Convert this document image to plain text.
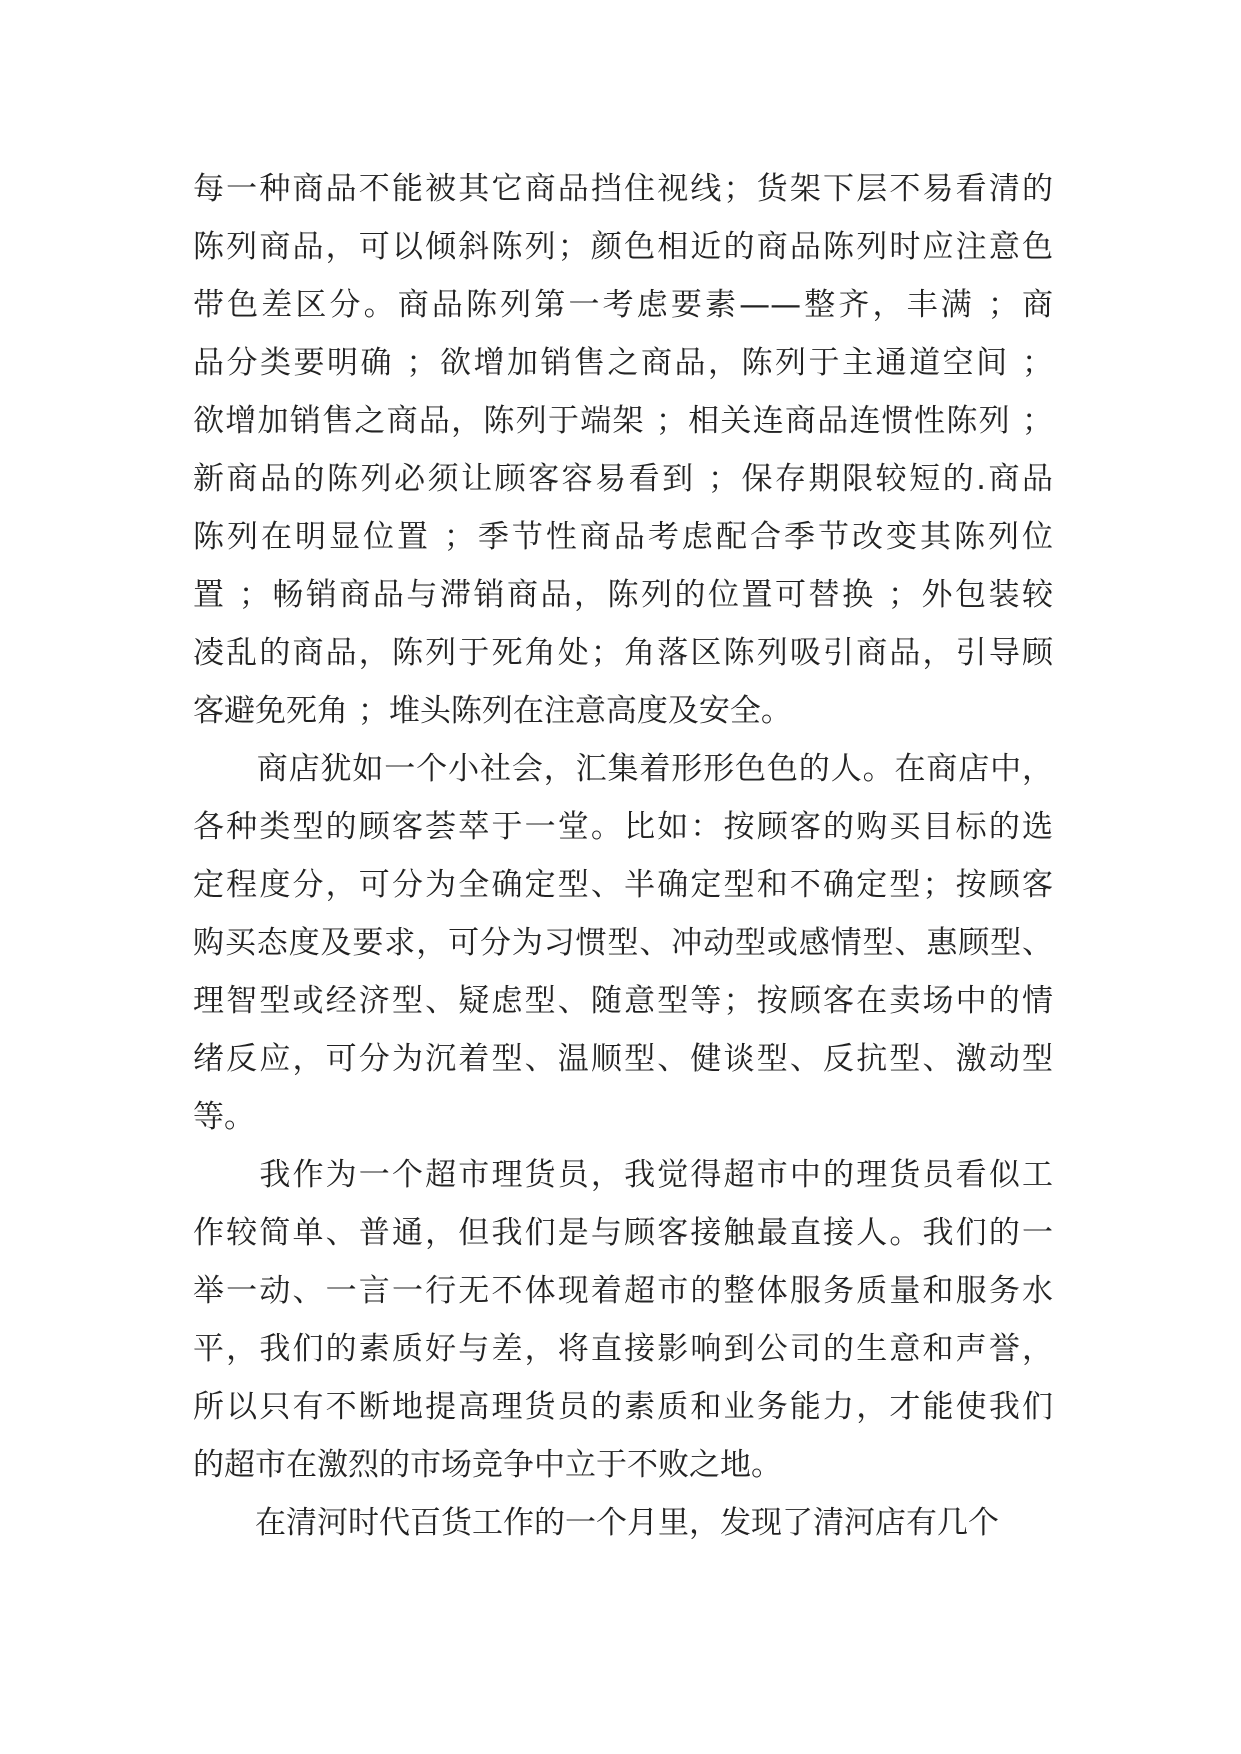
每一种商品不能被其它商品挡住视线；货架下层不易看清的
陈列商品，可以倾斜陈列；颜色相近的商品陈列时应注意色
带色差区分。商品陈列第一考虑要素——整齐，丰满 ；商
品分类要明确 ；欲增加销售之商品，陈列于主通道空间 ；
欲增加销售之商品，陈列于端架 ；相关连商品连惯性陈列 ；
新商品的陈列必须让顾客容易看到 ；保存期限较短的.商品
陈列在明显位置 ；季节性商品考虑配合季节改变其陈列位
置 ；畅销商品与滞销商品，陈列的位置可替换 ；外包装较
凌乱的商品，陈列于死角处；角落区陈列吸引商品，引导顾
客避免死角 ；堆头陈列在注意高度及安全。
　　商店犹如一个小社会，汇集着形形色色的人。在商店中，
各种类型的顾客荟萃于一堂。比如：按顾客的购买目标的选
定程度分，可分为全确定型、半确定型和不确定型；按顾客
购买态度及要求，可分为习惯型、冲动型或感情型、惠顾型、
理智型或经济型、疑虑型、随意型等；按顾客在卖场中的情
绪反应，可分为沉着型、温顺型、健谈型、反抗型、激动型
等。
　　我作为一个超市理货员，我觉得超市中的理货员看似工
作较简单、普通，但我们是与顾客接触最直接人。我们的一
举一动、一言一行无不体现着超市的整体服务质量和服务水
平，我们的素质好与差，将直接影响到公司的生意和声誉，
所以只有不断地提高理货员的素质和业务能力，才能使我们
的超市在激烈的市场竞争中立于不败之地。
　　在清河时代百货工作的一个月里，发现了清河店有几个
